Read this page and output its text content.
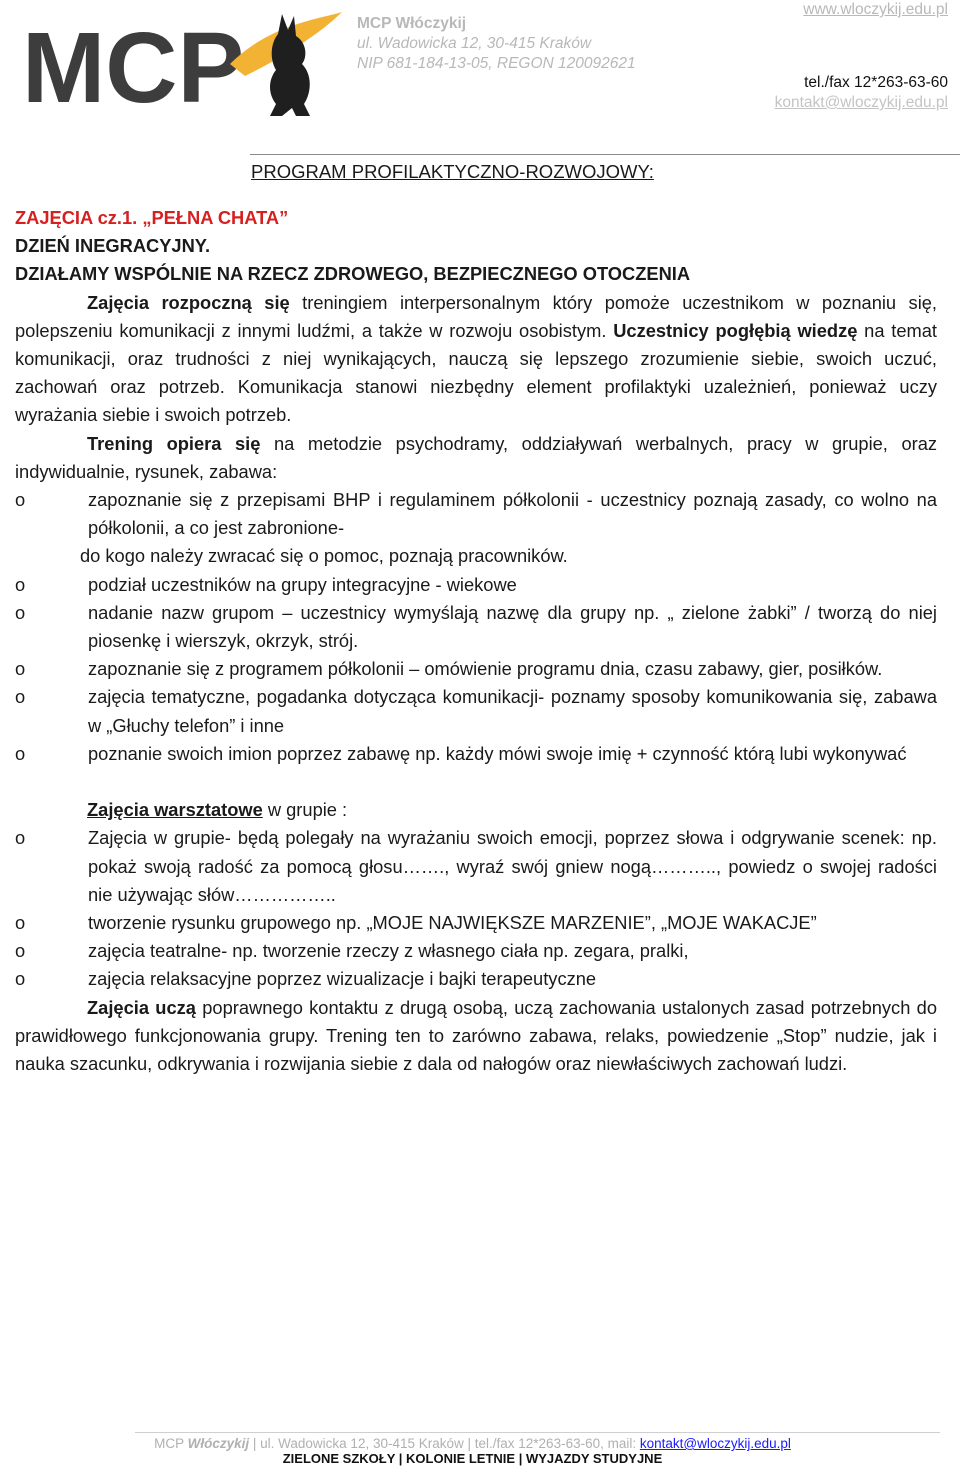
MCP	MCP Włóczykij
ul. Wadowicka 12, 30-415 Kraków
NIP 681-184-13-05, REGON 120092621
www.wloczykij.edu.pl
tel./fax 12*263-63-60
kontakt@wloczykij.edu.pl
PROGRAM PROFILAKTYCZNO-ROZWOJOWY:

ZAJĘCIA cz.1. „PEŁNA CHATA”

DZIEŃ INEGRACYJNY.

DZIAŁAMY WSPÓLNIE NA RZECZ ZDROWEGO, BEZPIECZNEGO OTOCZENIA

Zajęcia rozpoczną się treningiem interpersonalnym który pomoże uczestnikom w poznaniu się, polepszeniu komunikacji z innymi ludźmi, a także w rozwoju osobistym. Uczestnicy pogłębią wiedzę na temat komunikacji, oraz trudności z niej wynikających, nauczą się lepszego zrozumienie siebie, swoich uczuć, zachowań oraz potrzeb. Komunikacja stanowi niezbędny element profilaktyki uzależnień, ponieważ uczy wyrażania siebie i swoich potrzeb.

Trening opiera się na metodzie psychodramy, oddziaływań werbalnych, pracy w grupie, oraz indywidualnie, rysunek, zabawa:

o	zapoznanie się z przepisami BHP i regulaminem półkolonii - uczestnicy poznają zasady, co wolno na półkolonii, a co jest zabronione-
do kogo należy zwracać się o pomoc, poznają pracowników.
o	podział uczestników na grupy integracyjne - wiekowe
o	nadanie nazw grupom – uczestnicy wymyślają nazwę dla grupy np. „ zielone żabki” / tworzą do niej piosenkę i wierszyk, okrzyk, strój.
o	zapoznanie się z programem półkolonii – omówienie programu dnia, czasu zabawy, gier, posiłków.
o	zajęcia tematyczne, pogadanka dotycząca komunikacji- poznamy sposoby komunikowania się, zabawa w „Głuchy telefon” i inne
o	poznanie swoich imion poprzez zabawę np. każdy mówi swoje imię + czynność którą lubi wykonywać

Zajęcia warsztatowe w grupie :

o	Zajęcia w grupie- będą polegały na wyrażaniu swoich emocji, poprzez słowa i odgrywanie scenek: np. pokaż swoją radość za pomocą głosu……., wyraź swój gniew nogą……….., powiedz o swojej radości nie używając słów……………..
o	tworzenie rysunku grupowego np. „MOJE NAJWIĘKSZE MARZENIE”, „MOJE WAKACJE”
o	zajęcia teatralne- np. tworzenie rzeczy z własnego ciała np. zegara, pralki,
o	zajęcia relaksacyjne poprzez wizualizacje i bajki terapeutyczne

Zajęcia uczą poprawnego kontaktu z drugą osobą, uczą zachowania ustalonych zasad potrzebnych do prawidłowego funkcjonowania grupy. Trening ten to zarówno zabawa, relaks, powiedzenie „Stop” nudzie, jak i nauka szacunku, odkrywania i rozwijania siebie z dala od nałogów oraz niewłaściwych zachowań ludzi.

MCP Włóczykij | ul. Wadowicka 12, 30-415 Kraków | tel./fax 12*263-63-60, mail: kontakt@wloczykij.edu.pl
ZIELONE SZKOŁY | KOLONIE LETNIE | WYJAZDY STUDYJNE
